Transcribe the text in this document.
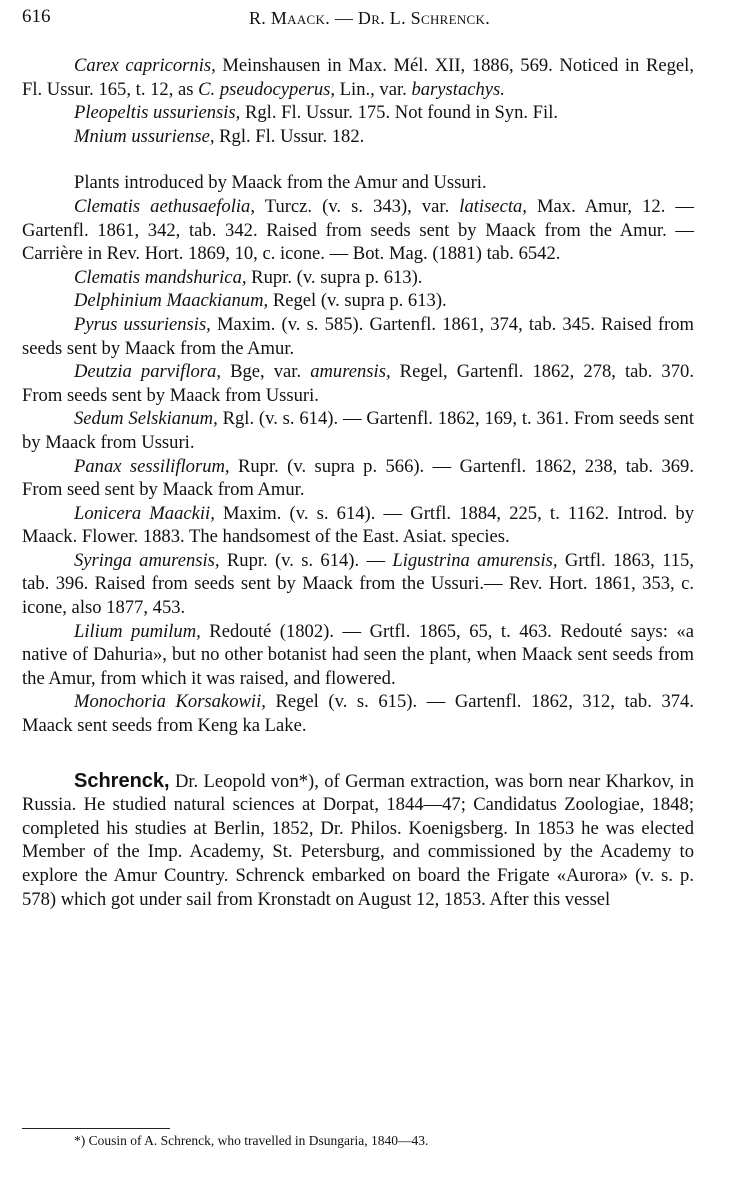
616	R. Maack. — Dr. L. Schrenck.

Carex capricornis, Meinshausen in Max. Mél. XII, 1886, 569. Noticed in Regel, Fl. Ussur. 165, t. 12, as C. pseudocyperus, Lin., var. barystachys.

Pleopeltis ussuriensis, Rgl. Fl. Ussur. 175. Not found in Syn. Fil.

Mnium ussuriense, Rgl. Fl. Ussur. 182.

Plants introduced by Maack from the Amur and Ussuri.

Clematis aethusaefolia, Turcz. (v. s. 343), var. latisecta, Max. Amur, 12. — Gartenfl. 1861, 342, tab. 342. Raised from seeds sent by Maack from the Amur. — Carrière in Rev. Hort. 1869, 10, c. icone. — Bot. Mag. (1881) tab. 6542.

Clematis mandshurica, Rupr. (v. supra p. 613).

Delphinium Maackianum, Regel (v. supra p. 613).

Pyrus ussuriensis, Maxim. (v. s. 585). Gartenfl. 1861, 374, tab. 345. Raised from seeds sent by Maack from the Amur.

Deutzia parviflora, Bge, var. amurensis, Regel, Gartenfl. 1862, 278, tab. 370. From seeds sent by Maack from Ussuri.

Sedum Selskianum, Rgl. (v. s. 614). — Gartenfl. 1862, 169, t. 361. From seeds sent by Maack from Ussuri.

Panax sessiliflorum, Rupr. (v. supra p. 566). — Gartenfl. 1862, 238, tab. 369. From seed sent by Maack from Amur.

Lonicera Maackii, Maxim. (v. s. 614). — Grtfl. 1884, 225, t. 1162. Introd. by Maack. Flower. 1883. The handsomest of the East. Asiat. species.

Syringa amurensis, Rupr. (v. s. 614). — Ligustrina amurensis, Grtfl. 1863, 115, tab. 396. Raised from seeds sent by Maack from the Ussuri.— Rev. Hort. 1861, 353, c. icone, also 1877, 453.

Lilium pumilum, Redouté (1802). — Grtfl. 1865, 65, t. 463. Redouté says: «a native of Dahuria», but no other botanist had seen the plant, when Maack sent seeds from the Amur, from which it was raised, and flowered.

Monochoria Korsakowii, Regel (v. s. 615). — Gartenfl. 1862, 312, tab. 374. Maack sent seeds from Keng ka Lake.

Schrenck, Dr. Leopold von*), of German extraction, was born near Kharkov, in Russia. He studied natural sciences at Dorpat, 1844—47; Candidatus Zoologiae, 1848; completed his studies at Berlin, 1852, Dr. Philos. Koenigsberg. In 1853 he was elected Member of the Imp. Academy, St. Petersburg, and commissioned by the Academy to explore the Amur Country. Schrenck embarked on board the Frigate «Aurora» (v. s. p. 578) which got under sail from Kronstadt on August 12, 1853. After this vessel

*) Cousin of A. Schrenck, who travelled in Dsungaria, 1840—43.
